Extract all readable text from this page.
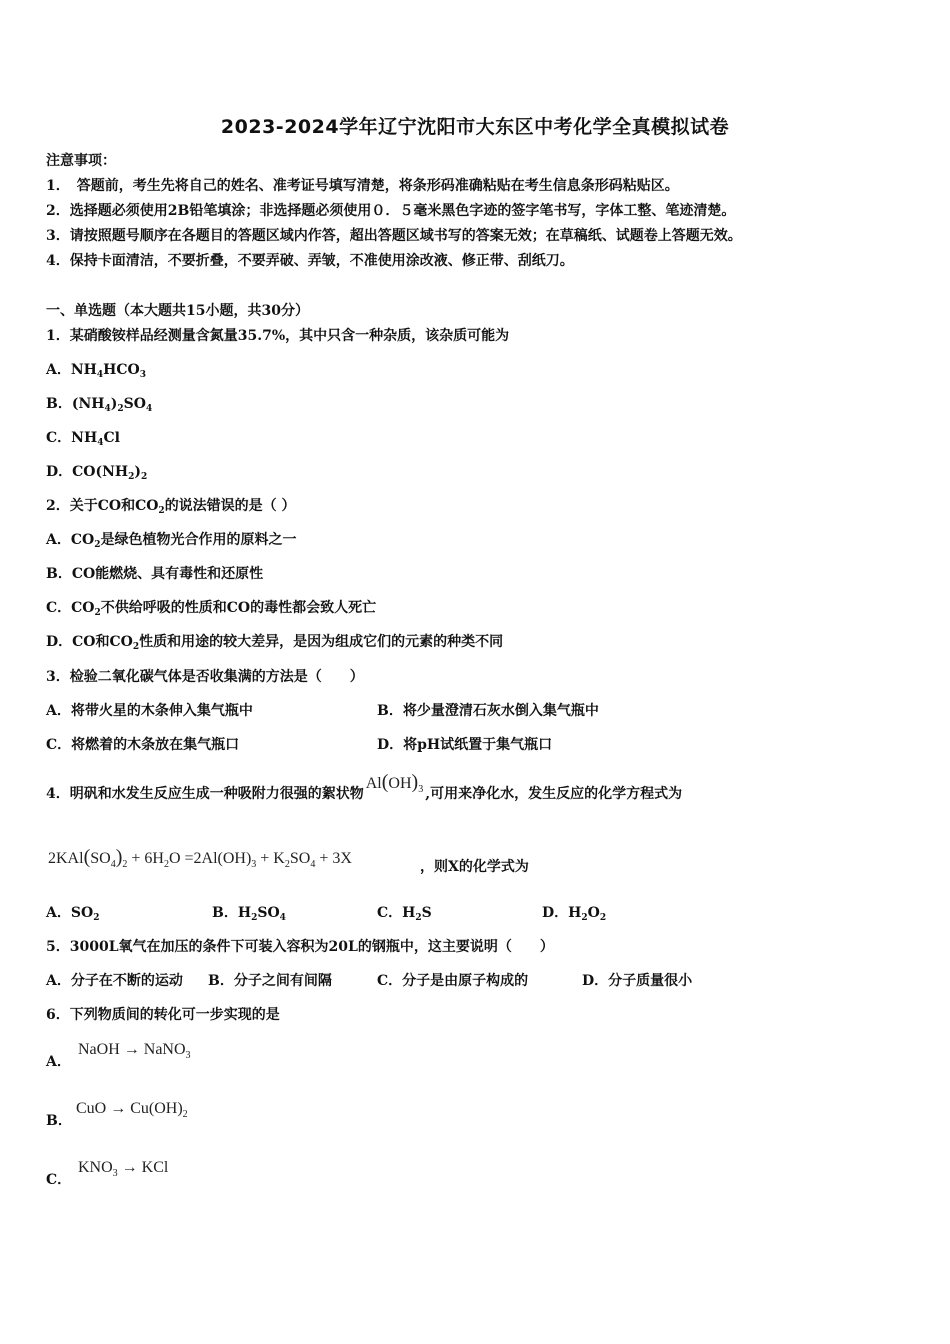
2023-2024学年辽宁沈阳市大东区中考化学全真模拟试卷
注意事项：
1．　答题前，考生先将自己的姓名、准考证号填写清楚，将条形码准确粘贴在考生信息条形码粘贴区。
2．选择题必须使用2B铅笔填涂；非选择题必须使用０．５毫米黑色字迹的签字笔书写，字体工整、笔迹清楚。
3．请按照题号顺序在各题目的答题区域内作答，超出答题区域书写的答案无效；在草稿纸、试题卷上答题无效。
4．保持卡面清洁，不要折叠，不要弄破、弄皱，不准使用涂改液、修正带、刮纸刀。
一、单选题（本大题共15小题，共30分）
1．某硝酸铵样品经测量含氮量35.7%，其中只含一种杂质，该杂质可能为
A．$NH_4HCO_3$
B．$(NH_4)_2SO_4$
C．$NH_4Cl$
D．$CO(NH_2)_2$
2．关于CO和$CO_2$的说法错误的是（ ）
A．$CO_2$是绿色植物光合作用的原料之一
B．CO能燃烧、具有毒性和还原性
C．$CO_2$不供给呼吸的性质和CO的毒性都会致人死亡
D．CO和$CO_2$性质和用途的较大差异，是因为组成它们的元素的种类不同
3．检验二氧化碳气体是否收集满的方法是（　　）
A．将带火星的木条伸入集气瓶中	B．将少量澄清石灰水倒入集气瓶中
C．将燃着的木条放在集气瓶口	D．将pH试纸置于集气瓶口
4．明矾和水发生反应生成一种吸附力很强的絮状物$Al(OH)_3$ ,可用来净化水，发生反应的化学方程式为
$2KAl(SO_4)_2 + 6H_2O =2Al(OH)_3 + K_2SO_4 + 3X$	，则X的化学式为
A．$SO_2$	B．$H_2SO_4$	C．$H_2S$	D．$H_2O_2$
5．3000L氧气在加压的条件下可装入容积为20L的钢瓶中，这主要说明（　　）
A．分子在不断的运动 B．分子之间有间隔	C．分子是由原子构成的	D．分子质量很小
6．下列物质间的转化可一步实现的是
A．
NaOH → NaNO$_3$
B．
CuO → $Cu(OH)_2$
C．
$KNO_3$ → KCl
